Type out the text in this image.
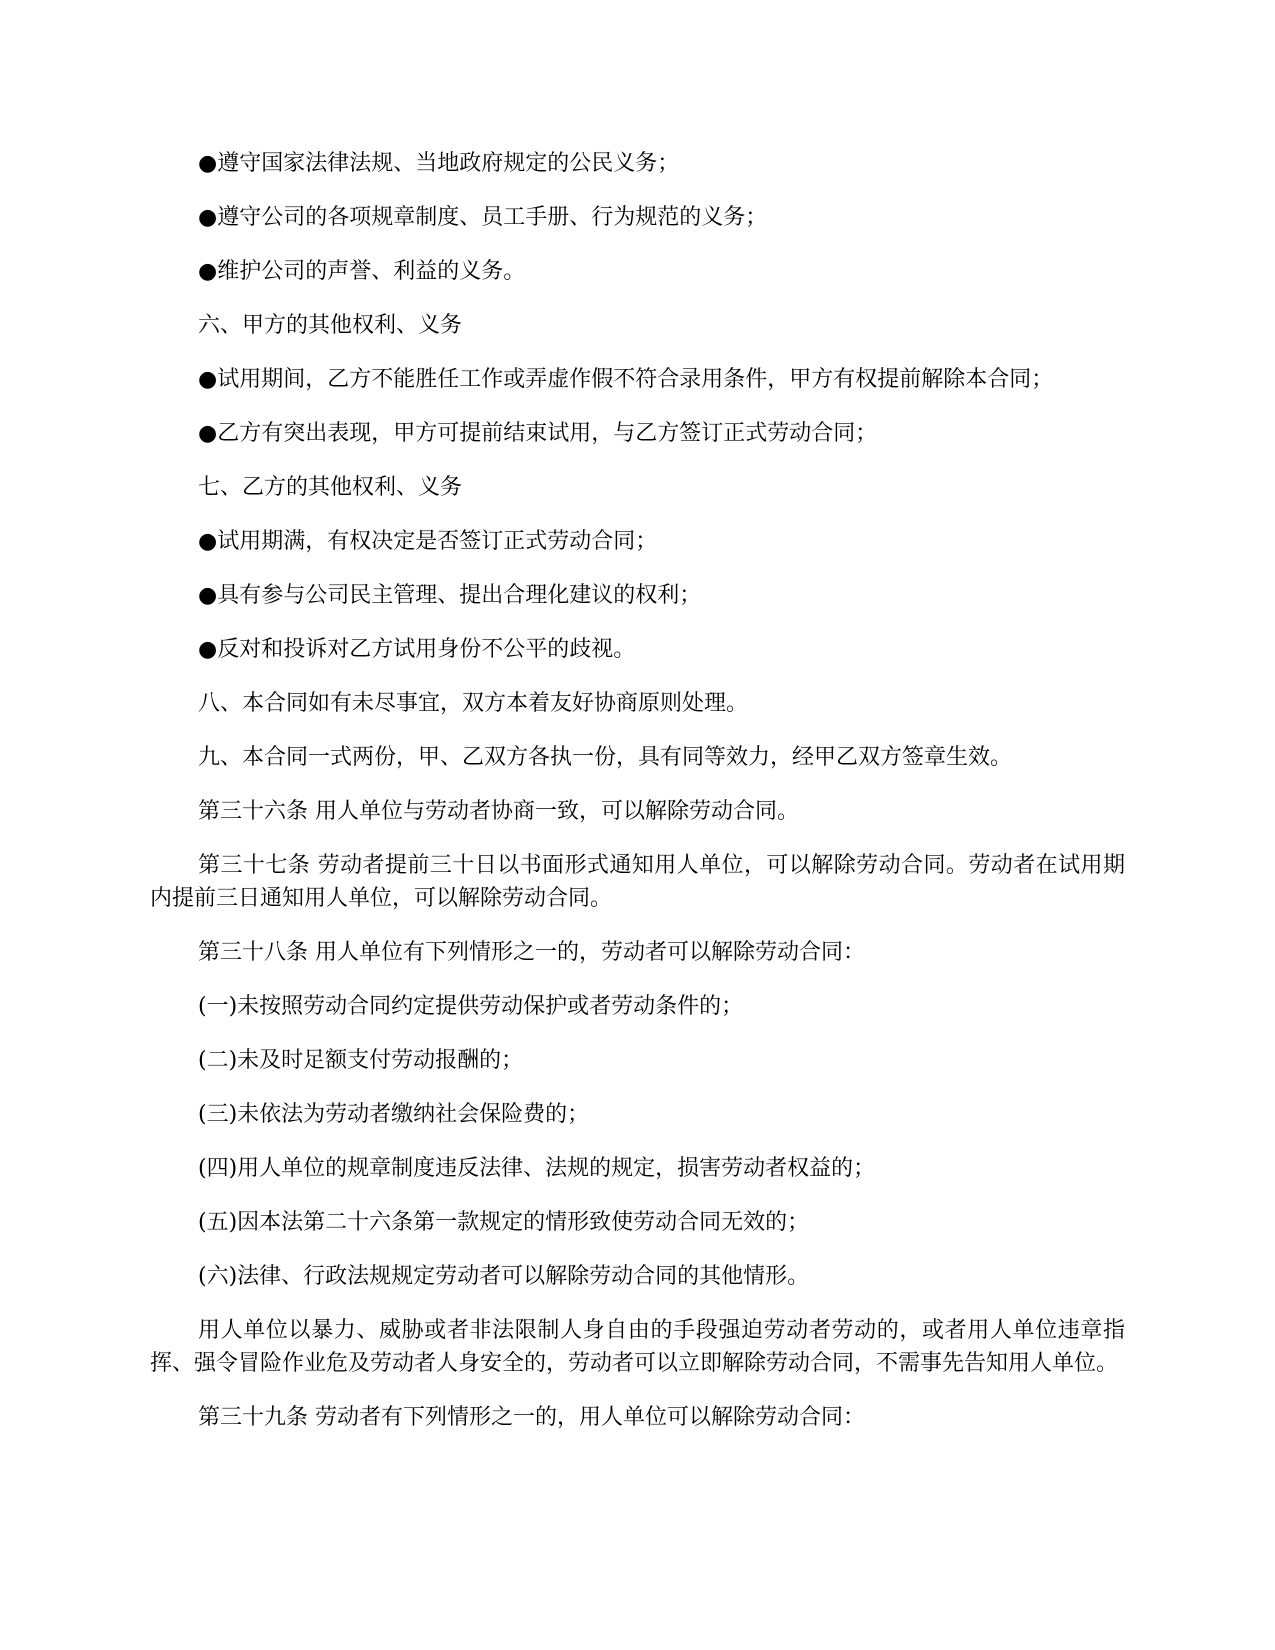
●遵守国家法律法规、当地政府规定的公民义务；

●遵守公司的各项规章制度、员工手册、行为规范的义务；

●维护公司的声誉、利益的义务。

六、甲方的其他权利、义务

●试用期间，乙方不能胜任工作或弄虚作假不符合录用条件，甲方有权提前解除本合同；

●乙方有突出表现，甲方可提前结束试用，与乙方签订正式劳动合同；

七、乙方的其他权利、义务

●试用期满，有权决定是否签订正式劳动合同；

●具有参与公司民主管理、提出合理化建议的权利；

●反对和投诉对乙方试用身份不公平的歧视。

八、本合同如有未尽事宜，双方本着友好协商原则处理。

九、本合同一式两份，甲、乙双方各执一份，具有同等效力，经甲乙双方签章生效。

第三十六条 用人单位与劳动者协商一致，可以解除劳动合同。

第三十七条 劳动者提前三十日以书面形式通知用人单位，可以解除劳动合同。劳动者在试用期内提前三日通知用人单位，可以解除劳动合同。

第三十八条 用人单位有下列情形之一的，劳动者可以解除劳动合同：

(一)未按照劳动合同约定提供劳动保护或者劳动条件的；

(二)未及时足额支付劳动报酬的；

(三)未依法为劳动者缴纳社会保险费的；

(四)用人单位的规章制度违反法律、法规的规定，损害劳动者权益的；

(五)因本法第二十六条第一款规定的情形致使劳动合同无效的；

(六)法律、行政法规规定劳动者可以解除劳动合同的其他情形。

用人单位以暴力、威胁或者非法限制人身自由的手段强迫劳动者劳动的，或者用人单位违章指挥、强令冒险作业危及劳动者人身安全的，劳动者可以立即解除劳动合同，不需事先告知用人单位。

第三十九条 劳动者有下列情形之一的，用人单位可以解除劳动合同：
